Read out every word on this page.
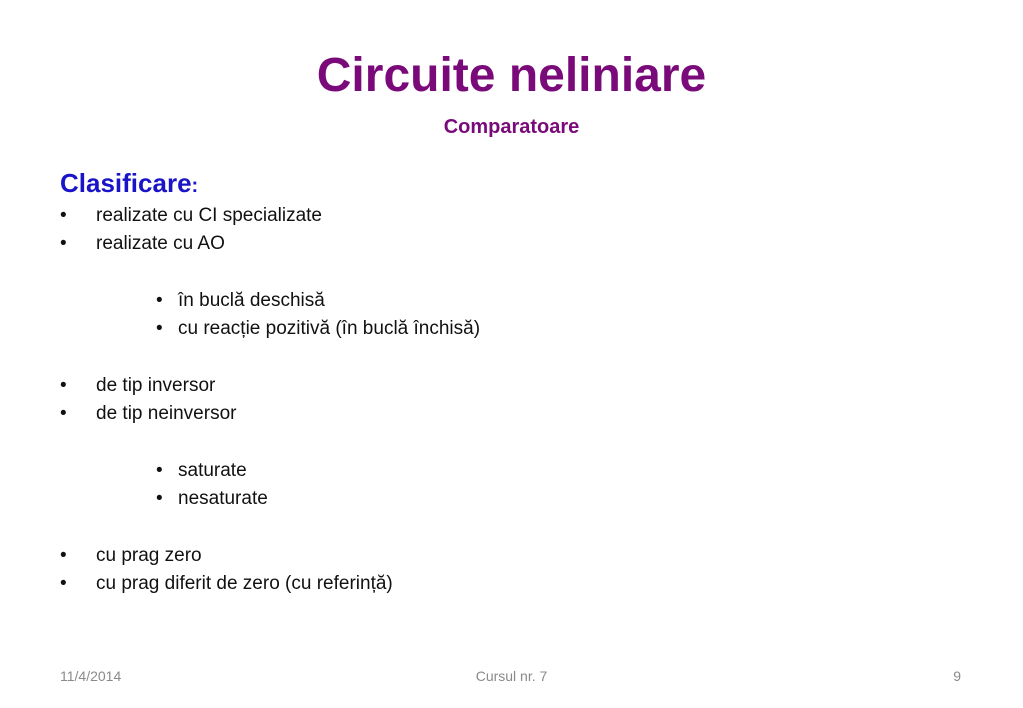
Circuite neliniare
Comparatoare
Clasificare:
• realizate cu CI specializate
• realizate cu AO
• în buclă deschisă
• cu reacție pozitivă (în buclă închisă)
• de tip inversor
• de tip neinversor
• saturate
• nesaturate
• cu prag zero
• cu prag diferit de zero (cu referință)
11/4/2014	Cursul nr. 7	9
